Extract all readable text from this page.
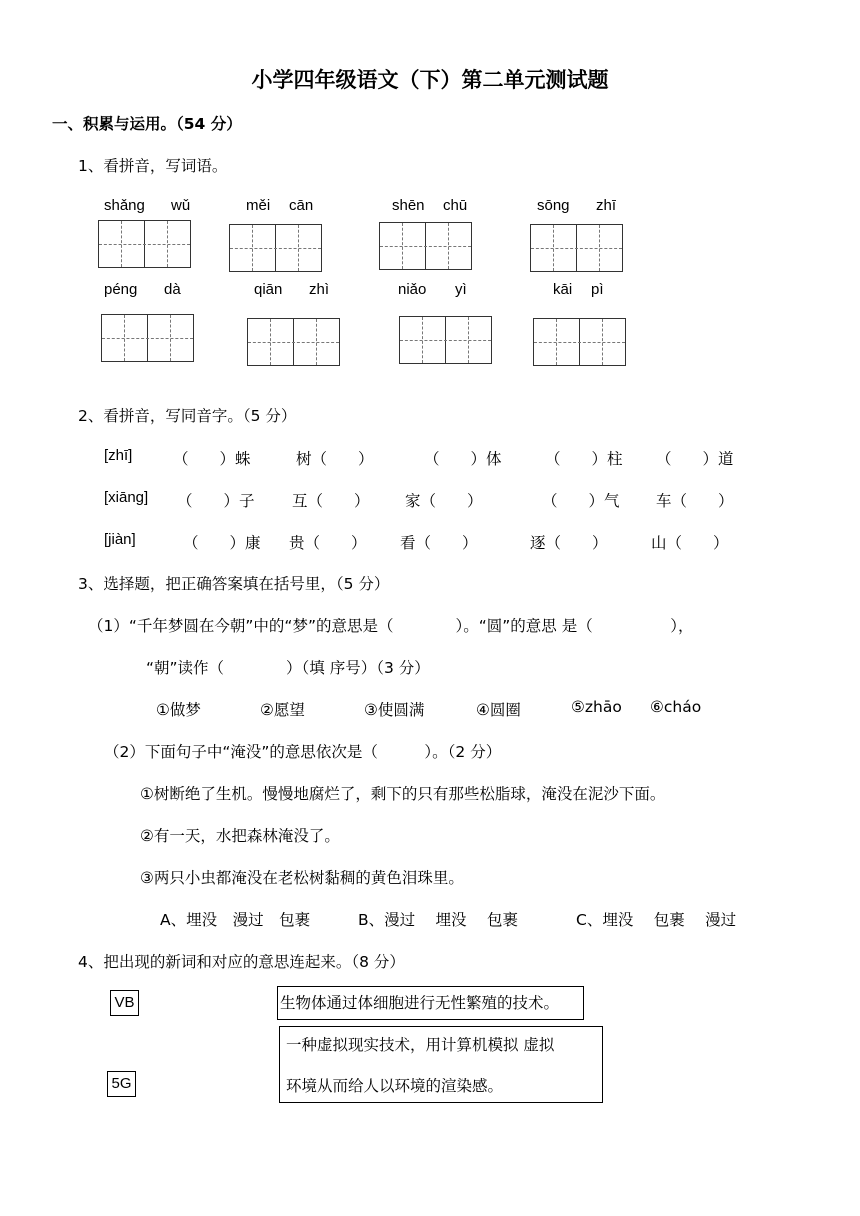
小学四年级语文（下）第二单元测试题
一、积累与运用。（54 分）
1、看拼音，写词语。
shǎng wǔ	měi cān	shēn chū	sōng zhī
péng dà	qiān zhì	niǎo yì	kāi pì
2、看拼音，写同音字。（5 分）
[zhī]	（　　）蛛	树（　　）	（　　）体	（　　）柱 （　　）道
[xiāng] （　　）子 互（　　） 家（　　）	（　　）气 车（　　）
[jiàn]	（　　）康 贵（　　） 看（　　）	逐（　　）	山（　　）
3、选择题，把正确答案填在括号里，（5 分）
（1）“千年梦圆在今朝”中的“梦”的意思是（　　　　）。“圆”的意思 是（　　　　　），
“朝”读作（　　　　）（填 序号）（3 分）
①做梦	②愿望	③使圆满	④圆圈	⑤zhāo ⑥cháo
（2）下面句子中“淹没”的意思依次是（　　　）。（2 分）
①树断绝了生机。慢慢地腐烂了，剩下的只有那些松脂球，淹没在泥沙下面。
②有一天，水把森林淹没了。
③两只小虫都淹没在老松树黏稠的黄色泪珠里。
A、埋没　漫过　包裹	B、漫过　 埋没　 包裹	C、埋没　 包裹　 漫过
4、把出现的新词和对应的意思连起来。（8 分）
VB
5G
生物体通过体细胞进行无性繁殖的技术。
一种虚拟现实技术，用计算机模拟 虚拟
环境从而给人以环境的渲染感。
